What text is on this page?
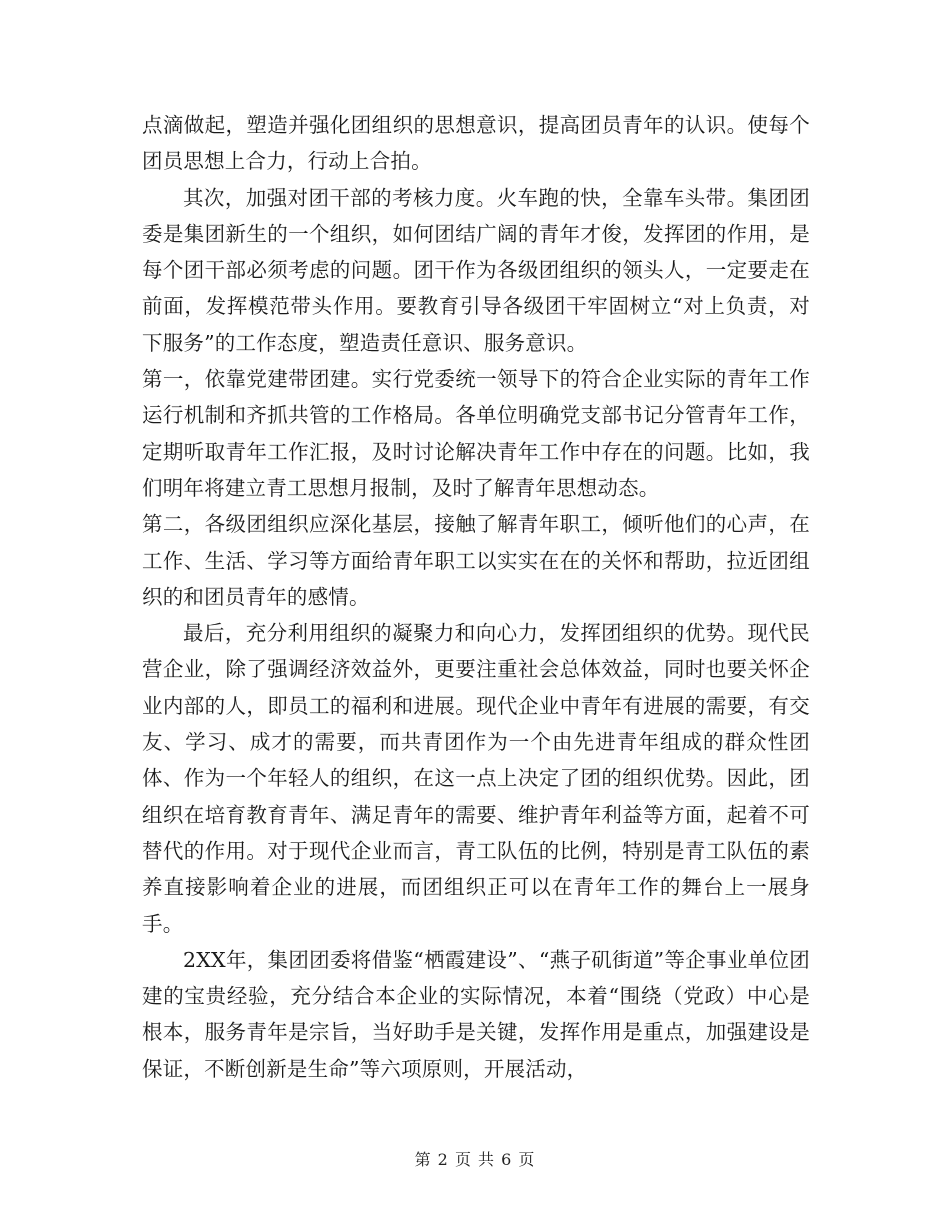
点滴做起，塑造并强化团组织的思想意识，提高团员青年的认识。使每个团员思想上合力，行动上合拍。

其次，加强对团干部的考核力度。火车跑的快，全靠车头带。集团团委是集团新生的一个组织，如何团结广阔的青年才俊，发挥团的作用，是每个团干部必须考虑的问题。团干作为各级团组织的领头人，一定要走在前面，发挥模范带头作用。要教育引导各级团干牢固树立“对上负责，对下服务”的工作态度，塑造责任意识、服务意识。

第一，依靠党建带团建。实行党委统一领导下的符合企业实际的青年工作运行机制和齐抓共管的工作格局。各单位明确党支部书记分管青年工作，定期听取青年工作汇报，及时讨论解决青年工作中存在的问题。比如，我们明年将建立青工思想月报制，及时了解青年思想动态。

第二，各级团组织应深化基层，接触了解青年职工，倾听他们的心声，在工作、生活、学习等方面给青年职工以实实在在的关怀和帮助，拉近团组织的和团员青年的感情。

最后，充分利用组织的凝聚力和向心力，发挥团组织的优势。现代民营企业，除了强调经济效益外，更要注重社会总体效益，同时也要关怀企业内部的人，即员工的福利和进展。现代企业中青年有进展的需要，有交友、学习、成才的需要，而共青团作为一个由先进青年组成的群众性团体、作为一个年轻人的组织，在这一点上决定了团的组织优势。因此，团组织在培育教育青年、满足青年的需要、维护青年利益等方面，起着不可替代的作用。对于现代企业而言，青工队伍的比例，特别是青工队伍的素养直接影响着企业的进展，而团组织正可以在青年工作的舞台上一展身手。

2XX年，集团团委将借鉴“栖霞建设”、“燕子矶街道”等企事业单位团建的宝贵经验，充分结合本企业的实际情况，本着“围绕（党政）中心是根本，服务青年是宗旨，当好助手是关键，发挥作用是重点，加强建设是保证，不断创新是生命”等六项原则，开展活动，

第 2 页 共 6 页
